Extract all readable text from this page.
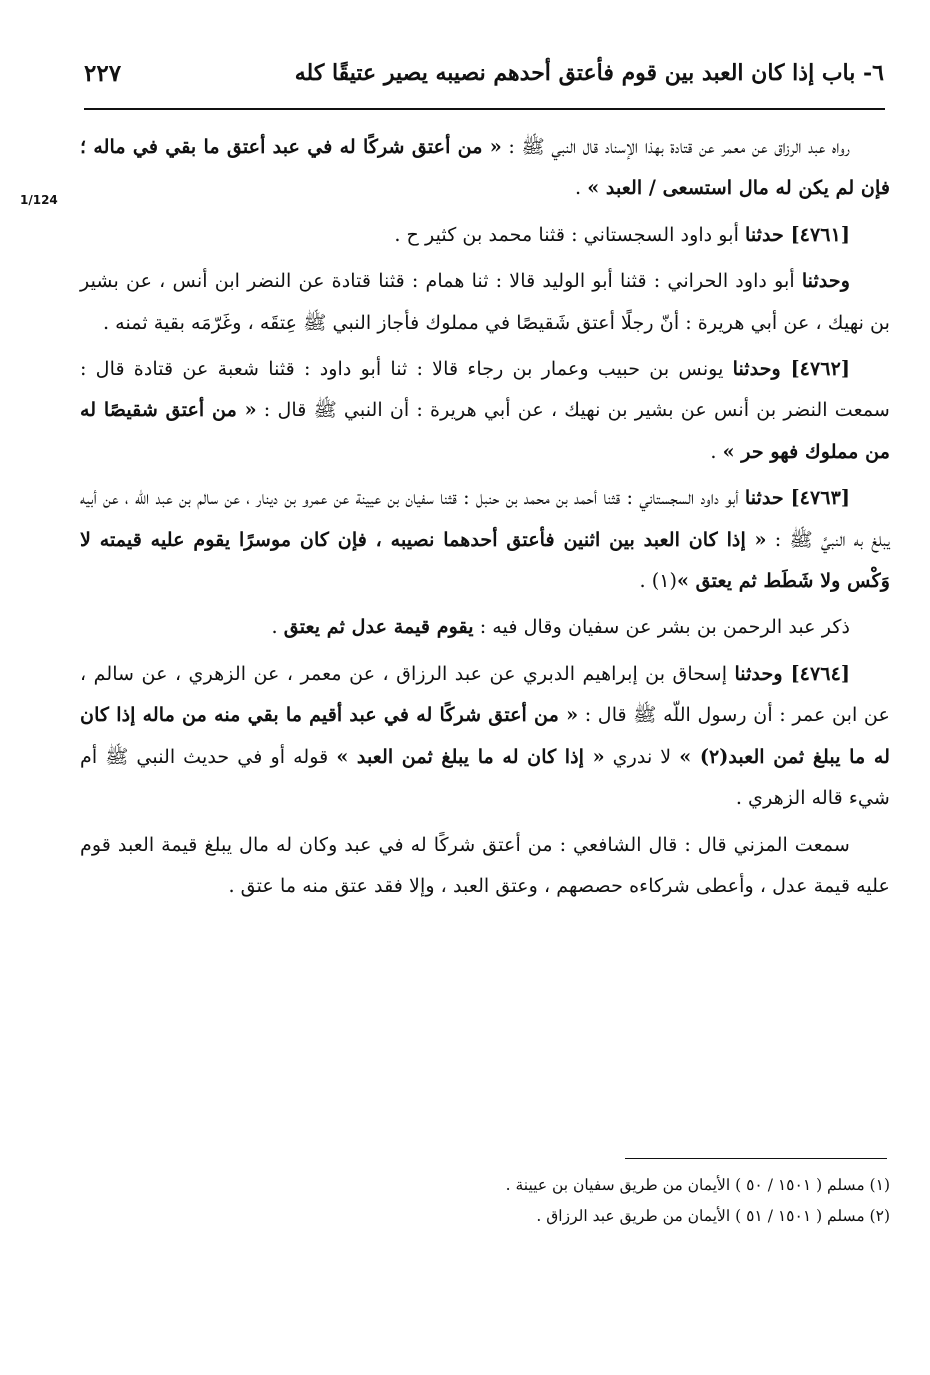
٦- باب إذا كان العبد بين قوم فأعتق أحدهم نصيبه يصير عتيقًا كله
٢٢٧
1/124

رواه عبد الرزاق عن معمر عن قتادة بهذا الإسناد قال النبي ﷺ : « من أعتق شركًا له في عبد أعتق ما بقي في ماله ؛ فإن لم يكن له مال استسعى / العبد » .

[٤٧٦١] حدثنا أبو داود السجستاني : قثنا محمد بن كثير ح .

وحدثنا أبو داود الحراني : قثنا أبو الوليد قالا : ثنا همام : قثنا قتادة عن النضر ابن أنس ، عن بشير بن نهيك ، عن أبي هريرة : أنّ رجلًا أعتق شَقيصًا في مملوك فأجاز النبي ﷺ عِتقَه ، وغَرّمَه بقية ثمنه .

[٤٧٦٢] وحدثنا يونس بن حبيب وعمار بن رجاء قالا : ثنا أبو داود : قثنا شعبة عن قتادة قال : سمعت النضر بن أنس عن بشير بن نهيك ، عن أبي هريرة : أن النبي ﷺ قال : « من أعتق شقيصًا له من مملوك فهو حر » .

[٤٧٦٣] حدثنا أبو داود السجستاني : قثنا أحمد بن محمد بن حنبل : قثنا سفيان بن عيينة عن عمرو بن دينار ، عن سالم بن عبد اللّه ، عن أبيه يبلغ به النبيَّ ﷺ : « إذا كان العبد بين اثنين فأعتق أحدهما نصيبه ، فإن كان موسرًا يقوم عليه قيمته لا وَكْس ولا شَطَط ثم يعتق »(١) .

ذكر عبد الرحمن بن بشر عن سفيان وقال فيه : يقوم قيمة عدل ثم يعتق .

[٤٧٦٤] وحدثنا إسحاق بن إبراهيم الدبري عن عبد الرزاق ، عن معمر ، عن الزهري ، عن سالم ، عن ابن عمر : أن رسول اللّه ﷺ قال : « من أعتق شركًا له في عبد أقيم ما بقي منه من ماله إذا كان له ما يبلغ ثمن العبد(٢) » لا ندري « إذا كان له ما يبلغ ثمن العبد » قوله أو في حديث النبي ﷺ أم شيء قاله الزهري .

سمعت المزني قال : قال الشافعي : من أعتق شركًا له في عبد وكان له مال يبلغ قيمة العبد قوم عليه قيمة عدل ، وأعطى شركاءه حصصهم ، وعتق العبد ، وإلا فقد عتق منه ما عتق .

(١) مسلم ( ١٥٠١ / ٥٠ ) الأيمان من طريق سفيان بن عيينة .
(٢) مسلم ( ١٥٠١ / ٥١ ) الأيمان من طريق عبد الرزاق .
